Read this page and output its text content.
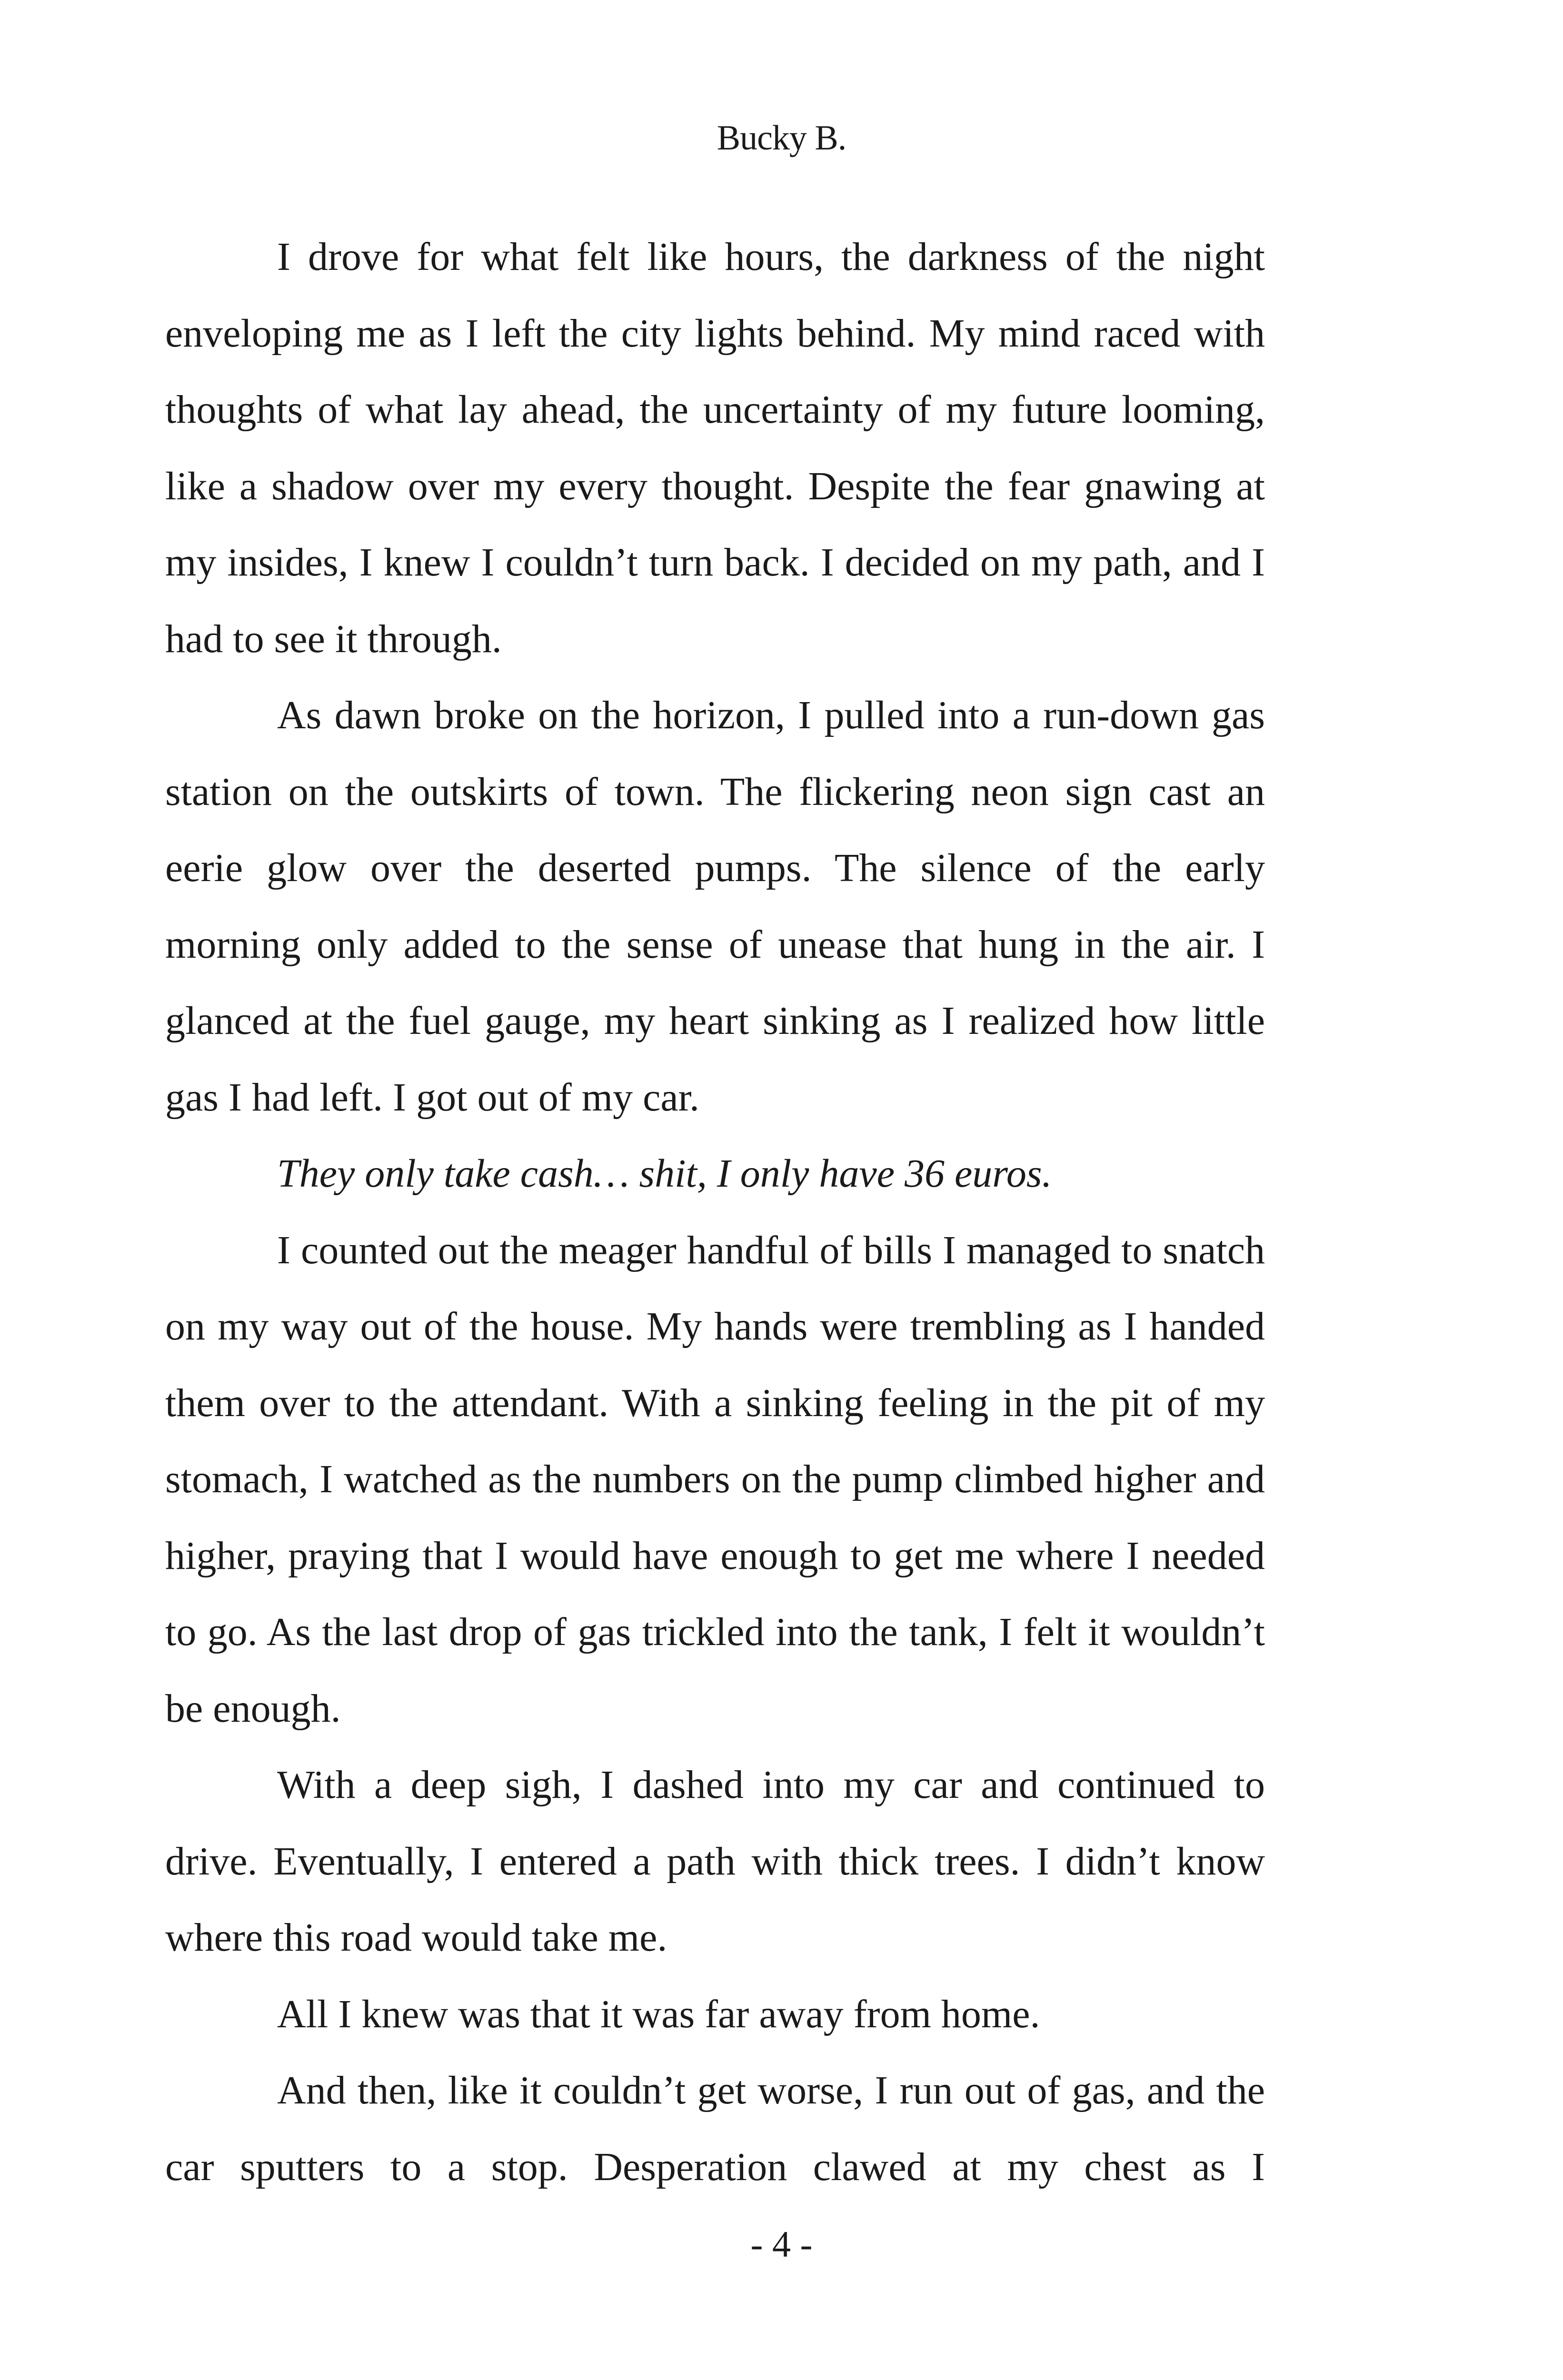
Bucky B.

I drove for what felt like hours, the darkness of the night enveloping me as I left the city lights behind. My mind raced with thoughts of what lay ahead, the uncertainty of my future looming, like a shadow over my every thought. Despite the fear gnawing at my insides, I knew I couldn’t turn back. I decided on my path, and I had to see it through.

As dawn broke on the horizon, I pulled into a run-down gas station on the outskirts of town. The flickering neon sign cast an eerie glow over the deserted pumps. The silence of the early morning only added to the sense of unease that hung in the air. I glanced at the fuel gauge, my heart sinking as I realized how little gas I had left. I got out of my car.

They only take cash… shit, I only have 36 euros.

I counted out the meager handful of bills I managed to snatch on my way out of the house. My hands were trembling as I handed them over to the attendant. With a sinking feeling in the pit of my stomach, I watched as the numbers on the pump climbed higher and higher, praying that I would have enough to get me where I needed to go. As the last drop of gas trickled into the tank, I felt it wouldn’t be enough.

With a deep sigh, I dashed into my car and continued to drive. Eventually, I entered a path with thick trees. I didn’t know where this road would take me.

All I knew was that it was far away from home.

And then, like it couldn’t get worse, I run out of gas, and the car sputters to a stop. Desperation clawed at my chest as I

- 4 -
